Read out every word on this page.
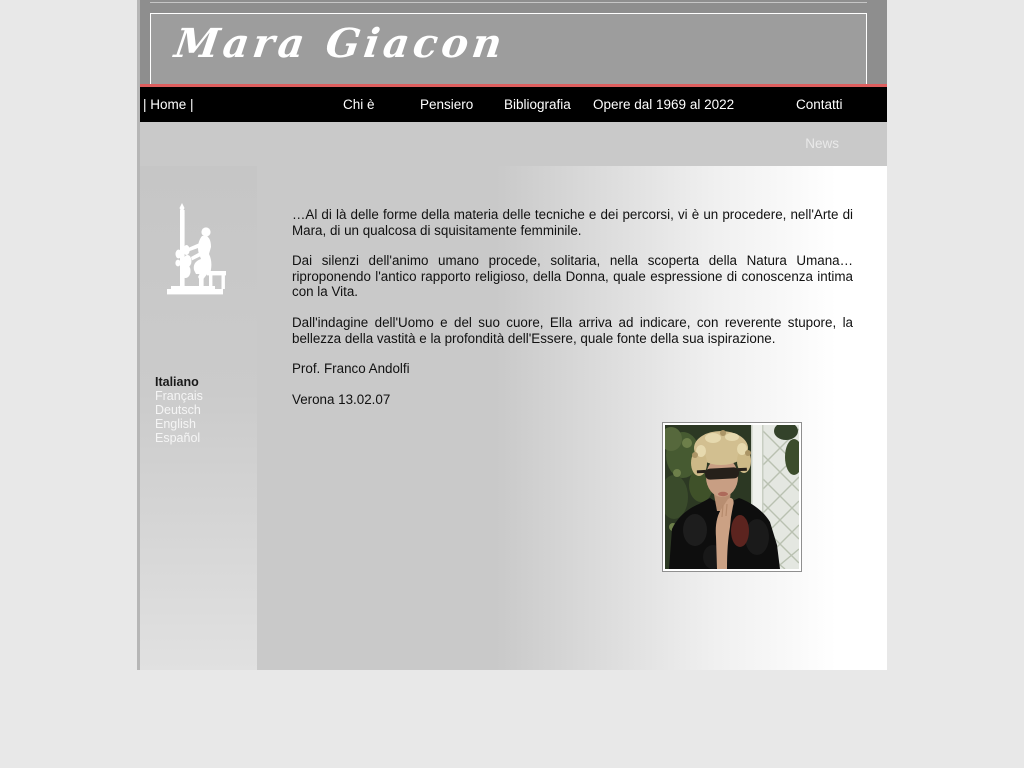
Mara Giacon
| Home |	Chi è	Pensiero Bibliografia Opere dal 1969 al 2022	Contatti
News
Italiano
Français
Deutsch
English
Español

…Al di là delle forme della materia delle tecniche e dei percorsi, vi è un procedere, nell'Arte di Mara, di un qualcosa di squisitamente femminile.

Dai silenzi dell'animo umano procede, solitaria, nella scoperta della Natura Umana… riproponendo l'antico rapporto religioso, della Donna, quale espressione di conoscenza intima con la Vita.

Dall'indagine dell'Uomo e del suo cuore, Ella arriva ad indicare, con reverente stupore, la bellezza della vastità e la profondità dell'Essere, quale fonte della sua ispirazione.

Prof. Franco Andolfi

Verona 13.02.07
